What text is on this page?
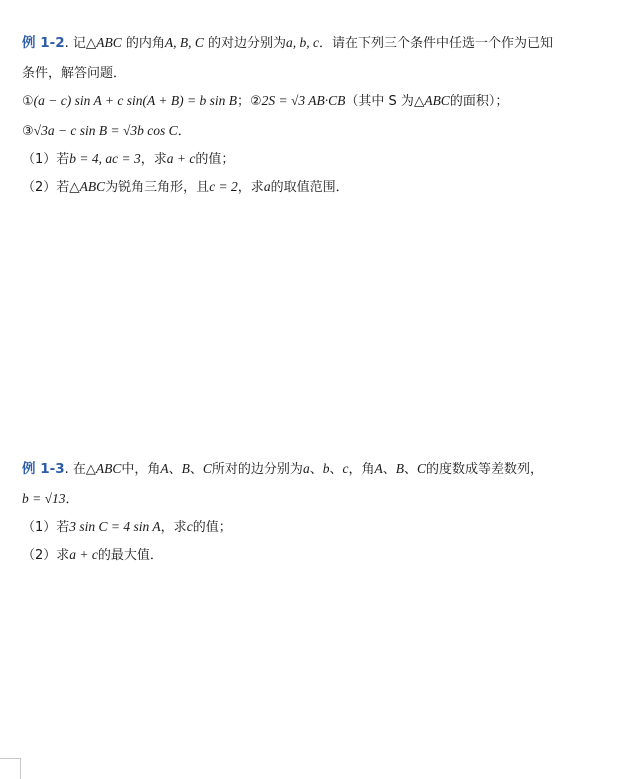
例 1-2. 记△ABC 的内角A, B, C 的对边分别为a, b, c．请在下列三个条件中任选一个作为已知
条件，解答问题．
①(a − c) sin A + c sin(A + B) = b sin B；②2S = √3 AB·CB（其中 S 为△ABC的面积）；
③√3a − c sin B = √3b cos C．
（1）若b = 4, ac = 3，求a + c的值；
（2）若△ABC为锐角三角形，且c = 2，求a的取值范围．
例 1-3. 在△ABC中，角A、B、C所对的边分别为a、b、c，角A、B、C的度数成等差数列，
b = √13．
（1）若3 sin C = 4 sin A，求c的值；
（2）求a + c的最大值．
